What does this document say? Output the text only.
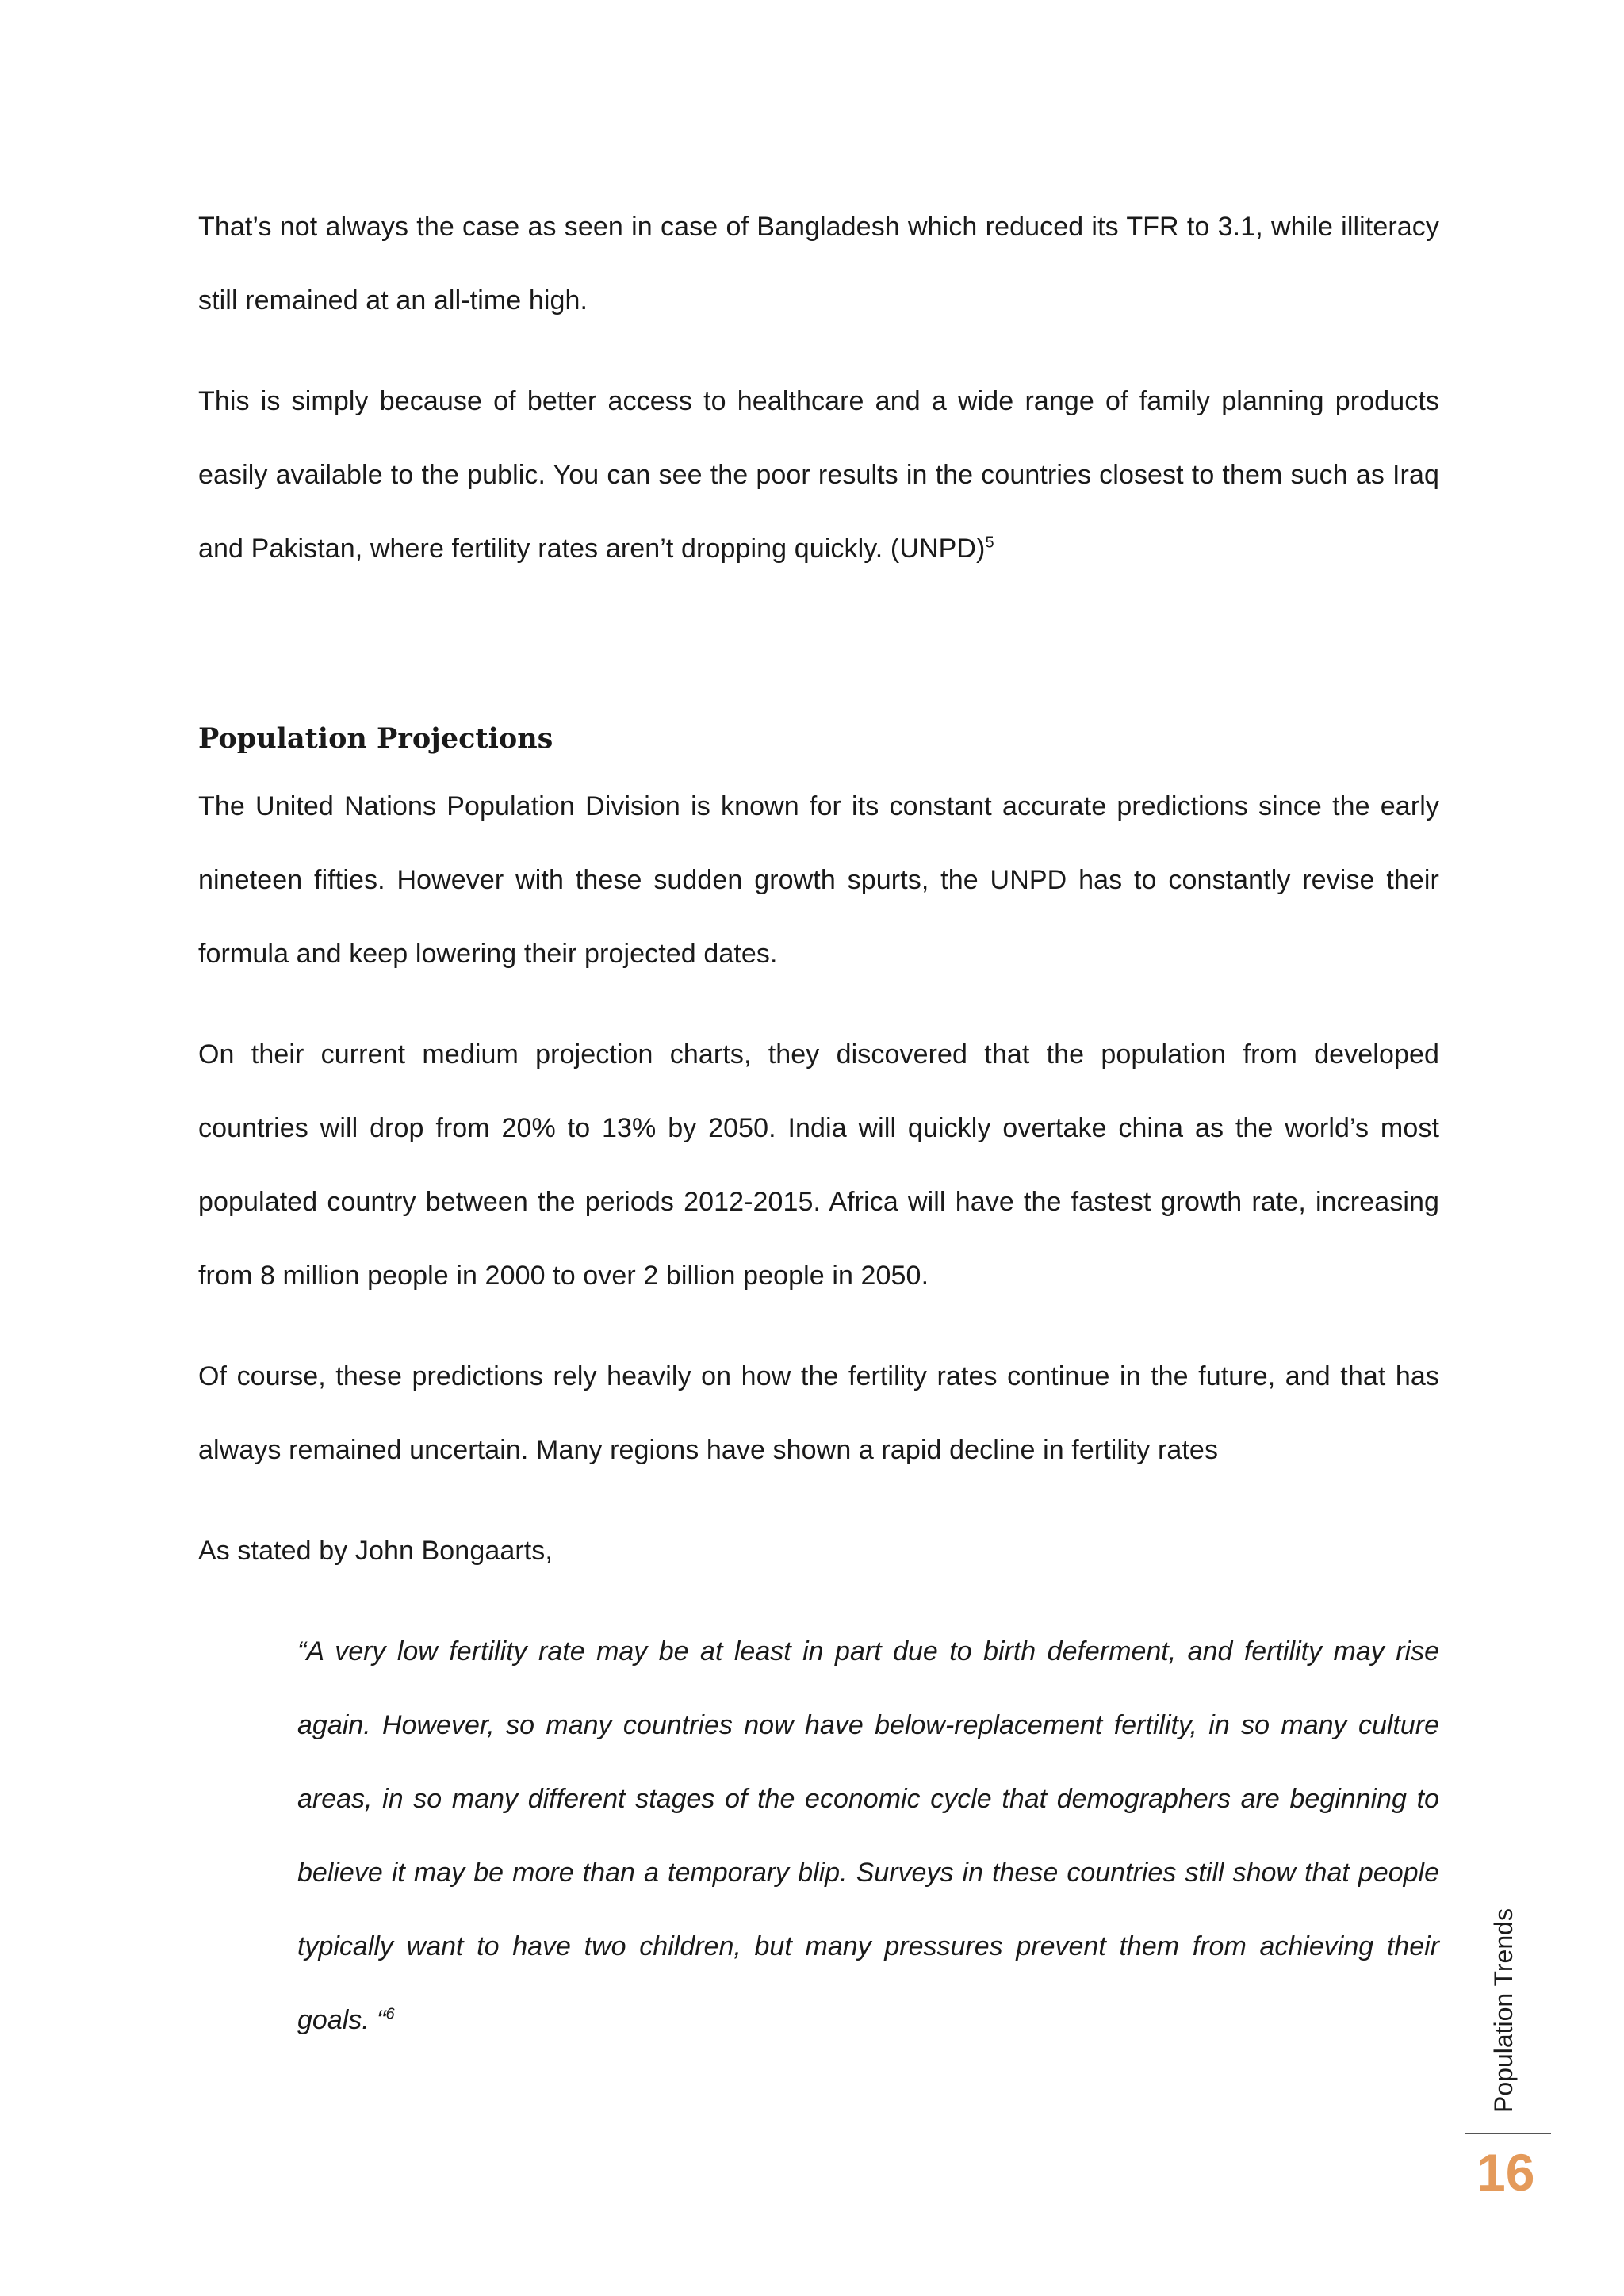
That’s not always the case as seen in case of Bangladesh which reduced its TFR to 3.1, while illiteracy still remained at an all-time high.

This is simply because of better access to healthcare and a wide range of family planning products easily available to the public. You can see the poor results in the countries closest to them such as Iraq and Pakistan, where fertility rates aren’t dropping quickly. (UNPD)$^5$

Population Projections

The United Nations Population Division is known for its constant accurate predictions since the early nineteen fifties. However with these sudden growth spurts, the UNPD has to constantly revise their formula and keep lowering their projected dates.

On their current medium projection charts, they discovered that the population from developed countries will drop from 20% to 13% by 2050. India will quickly overtake china as the world’s most populated country between the periods 2012-2015. Africa will have the fastest growth rate, increasing from 8 million people in 2000 to over 2 billion people in 2050.

Of course, these predictions rely heavily on how the fertility rates continue in the future, and that has always remained uncertain. Many regions have shown a rapid decline in fertility rates

As stated by John Bongaarts,

“A very low fertility rate may be at least in part due to birth deferment, and fertility may rise again. However, so many countries now have below-replacement fertility, in so many culture areas, in so many different stages of the economic cycle that demographers are beginning to believe it may be more than a temporary blip. Surveys in these countries still show that people typically want to have two children, but many pressures prevent them from achieving their goals. “$^6$	Population Trends
16
